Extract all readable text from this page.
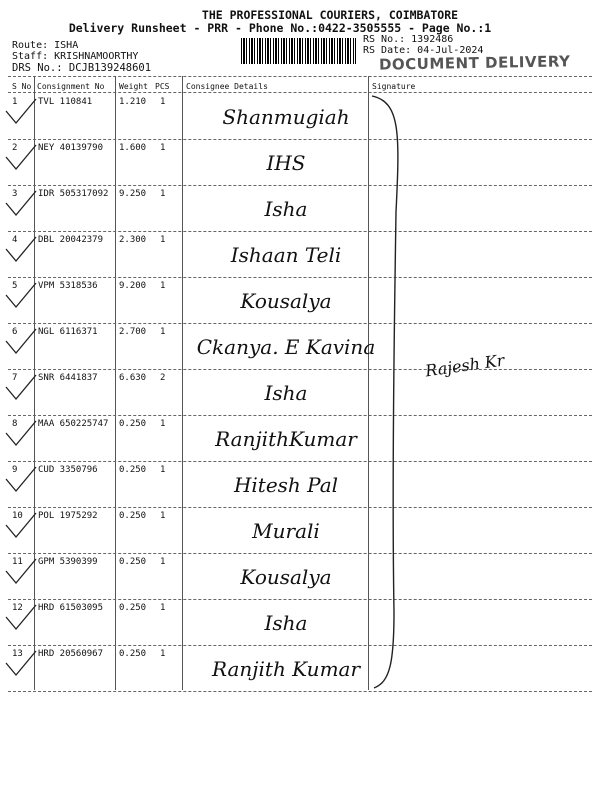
THE PROFESSIONAL COURIERS, COIMBATORE
Delivery Runsheet - PRR - Phone No.:0422-3505555 - Page No.:1
Route: ISHA
Staff: KRISHNAMOORTHY
DRS No.: DCJB139248601
RS No.: 1392486
RS Date: 04-Jul-2024
DOCUMENT DELIVERY
S No Consignment No Weight PCS Consignee Details	Signature
1 TVL 110841	1.210 1
Shanmugiah
2 NEY 40139790 1.600 1
IHS
3 IDR 505317092 9.250 1
Isha
4 DBL 20042379 2.300 1
Ishaan Teli
5 VPM 5318536 9.200 1
Kousalya
6 NGL 6116371 2.700 1
Ckanya. E Kavina
7 SNR 6441837 6.630 2
Isha
8 MAA 650225747 0.250 1
RanjithKumar
9 CUD 3350796 0.250 1
Hitesh Pal
10 POL 1975292 0.250 1
Murali
11 GPM 5390399 0.250 1
Kousalya
12 HRD 61503095 0.250 1
Isha
13 HRD 20560967 0.250 1
Ranjith Kumar
Rajesh Kr
